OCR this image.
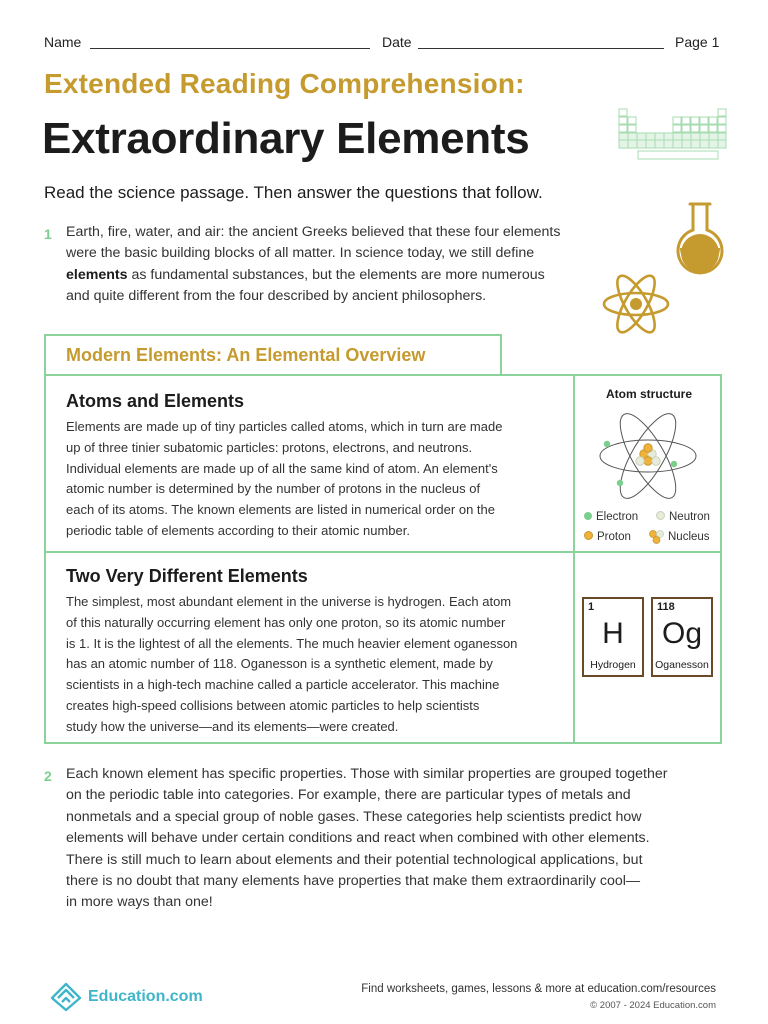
Name	Date	Page 1
Extended Reading Comprehension:
Extraordinary Elements
Read the science passage. Then answer the questions that follow.
1 Earth, fire, water, and air: the ancient Greeks believed that these four elements
were the basic building blocks of all matter. In science today, we still define
elements as fundamental substances, but the elements are more numerous
and quite different from the four described by ancient philosophers.
Modern Elements: An Elemental Overview
Atoms and Elements
Elements are made up of tiny particles called atoms, which in turn are made
up of three tinier subatomic particles: protons, electrons, and neutrons.
Individual elements are made up of all the same kind of atom. An element's
atomic number is determined by the number of protons in the nucleus of
each of its atoms. The known elements are listed in numerical order on the
periodic table of elements according to their atomic number.
Atom structure
Electron	Neutron
Proton	Nucleus
Two Very Different Elements
The simplest, most abundant element in the universe is hydrogen. Each atom
of this naturally occurring element has only one proton, so its atomic number
is 1. It is the lightest of all the elements. The much heavier element oganesson
has an atomic number of 118. Oganesson is a synthetic element, made by
scientists in a high-tech machine called a particle accelerator. This machine
creates high-speed collisions between atomic particles to help scientists
study how the universe—and its elements—were created.
1
H
Hydrogen
118
Og
Oganesson
2 Each known element has specific properties. Those with similar properties are grouped together
on the periodic table into categories. For example, there are particular types of metals and
nonmetals and a special group of noble gases. These categories help scientists predict how
elements will behave under certain conditions and react when combined with other elements.
There is still much to learn about elements and their potential technological applications, but
there is no doubt that many elements have properties that make them extraordinarily cool—
in more ways than one!
Education.com	Find worksheets, games, lessons & more at education.com/resources
© 2007 - 2024 Education.com
